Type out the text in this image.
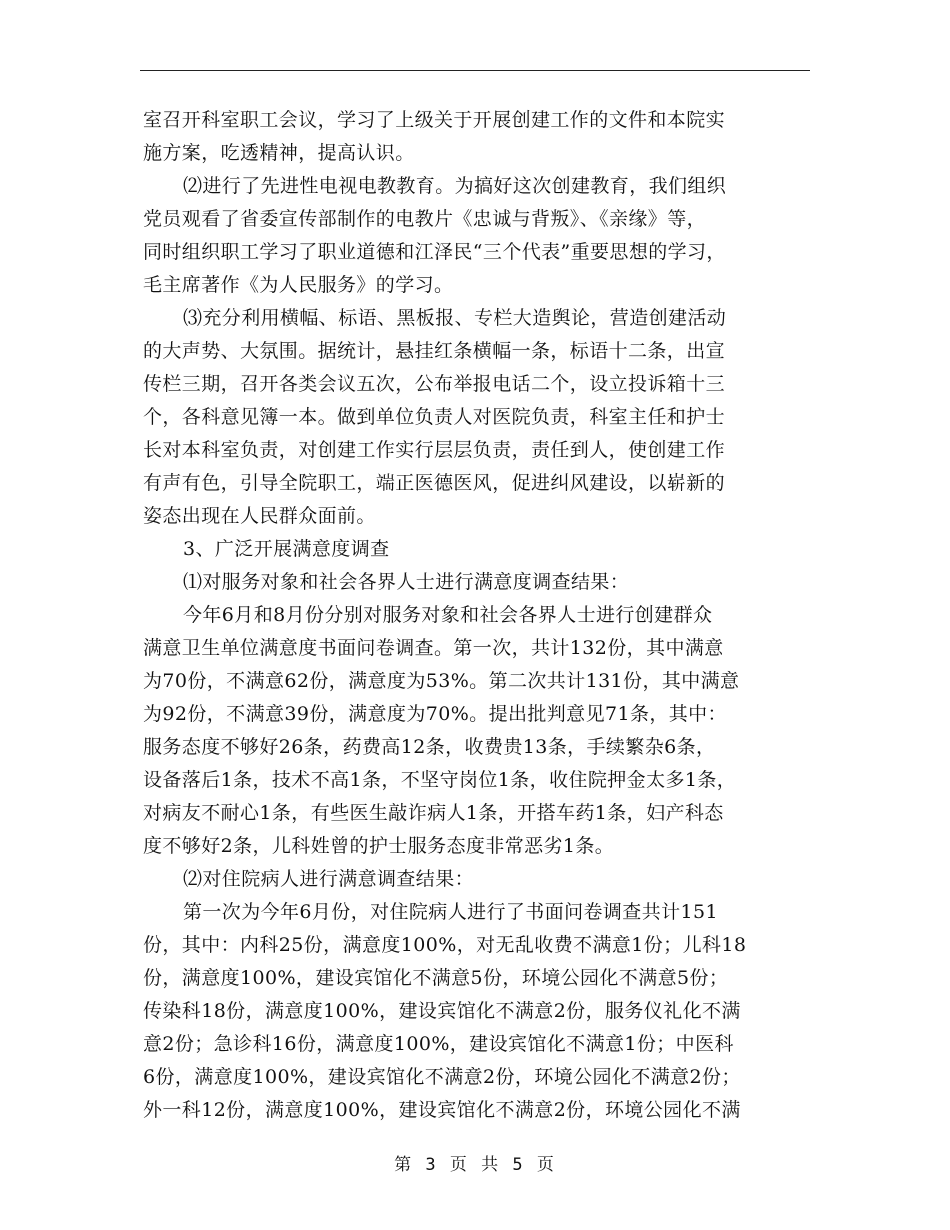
室召开科室职工会议，学习了上级关于开展创建工作的文件和本院实
施方案，吃透精神，提高认识。
⑵进行了先进性电视电教教育。为搞好这次创建教育，我们组织
党员观看了省委宣传部制作的电教片《忠诚与背叛》、《亲缘》等，
同时组织职工学习了职业道德和江泽民“三个代表”重要思想的学习，
毛主席著作《为人民服务》的学习。
⑶充分利用横幅、标语、黑板报、专栏大造舆论，营造创建活动
的大声势、大氛围。据统计，悬挂红条横幅一条，标语十二条，出宣
传栏三期，召开各类会议五次，公布举报电话二个，设立投诉箱十三
个，各科意见簿一本。做到单位负责人对医院负责，科室主任和护士
长对本科室负责，对创建工作实行层层负责，责任到人，使创建工作
有声有色，引导全院职工，端正医德医风，促进纠风建设，以崭新的
姿态出现在人民群众面前。
3、广泛开展满意度调查
⑴对服务对象和社会各界人士进行满意度调查结果：
今年6月和8月份分别对服务对象和社会各界人士进行创建群众
满意卫生单位满意度书面问卷调查。第一次，共计132份，其中满意
为70份，不满意62份，满意度为53%。第二次共计131份，其中满意
为92份，不满意39份，满意度为70%。提出批判意见71条，其中：
服务态度不够好26条，药费高12条，收费贵13条，手续繁杂6条，
设备落后1条，技术不高1条，不坚守岗位1条，收住院押金太多1条，
对病友不耐心1条，有些医生敲诈病人1条，开搭车药1条，妇产科态
度不够好2条，儿科姓曾的护士服务态度非常恶劣1条。
⑵对住院病人进行满意调查结果：
第一次为今年6月份，对住院病人进行了书面问卷调查共计151
份，其中：内科25份，满意度100%，对无乱收费不满意1份；儿科18
份，满意度100%，建设宾馆化不满意5份，环境公园化不满意5份；
传染科18份，满意度100%，建设宾馆化不满意2份，服务仪礼化不满
意2份；急诊科16份，满意度100%，建设宾馆化不满意1份；中医科
6份，满意度100%，建设宾馆化不满意2份，环境公园化不满意2份；
外一科12份，满意度100%，建设宾馆化不满意2份，环境公园化不满
第 3 页 共 5 页
